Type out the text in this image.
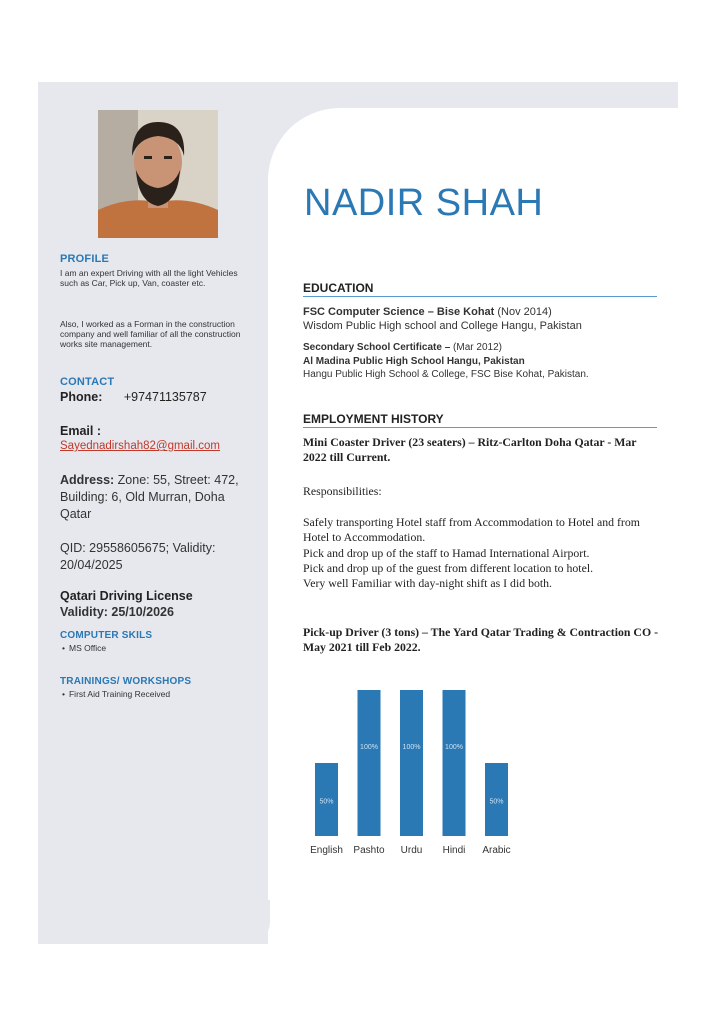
PROFILE
I am an expert Driving with all the light Vehicles such as Car, Pick up, Van, coaster etc.
Also, I worked as a Forman in the construction company and well familiar of all the construction works site management.
CONTACT
Phone: +97471135787
Email :
Sayednadirshah82@gmail.com
Address: Zone: 55, Street: 472, Building: 6, Old Murran, Doha Qatar
QID: 29558605675; Validity: 20/04/2025
Qatari Driving License
Validity: 25/10/2026
COMPUTER SKILS
• MS Office
TRAININGS/ WORKSHOPS
• First Aid Training Received
NADIR SHAH
EDUCATION
FSC Computer Science – Bise Kohat (Nov 2014)
Wisdom Public High school and College Hangu, Pakistan
Secondary School Certificate – (Mar 2012)
Al Madina Public High School Hangu, Pakistan
Hangu Public High School & College, FSC Bise Kohat, Pakistan.
EMPLOYMENT HISTORY
Mini Coaster Driver (23 seaters) – Ritz-Carlton Doha Qatar - Mar 2022 till Current.
Responsibilities:
Safely transporting Hotel staff from Accommodation to Hotel and from Hotel to Accommodation.
Pick and drop up of the staff to Hamad International Airport.
Pick and drop up of the guest from different location to hotel.
Very well Familiar with day-night shift as I did both.
Pick-up Driver (3 tons) – The Yard Qatar Trading & Contraction CO - May 2021 till Feb 2022.
50%
English
100%
Pashto
100%
Urdu
100%
Hindi
50%
Arabic
